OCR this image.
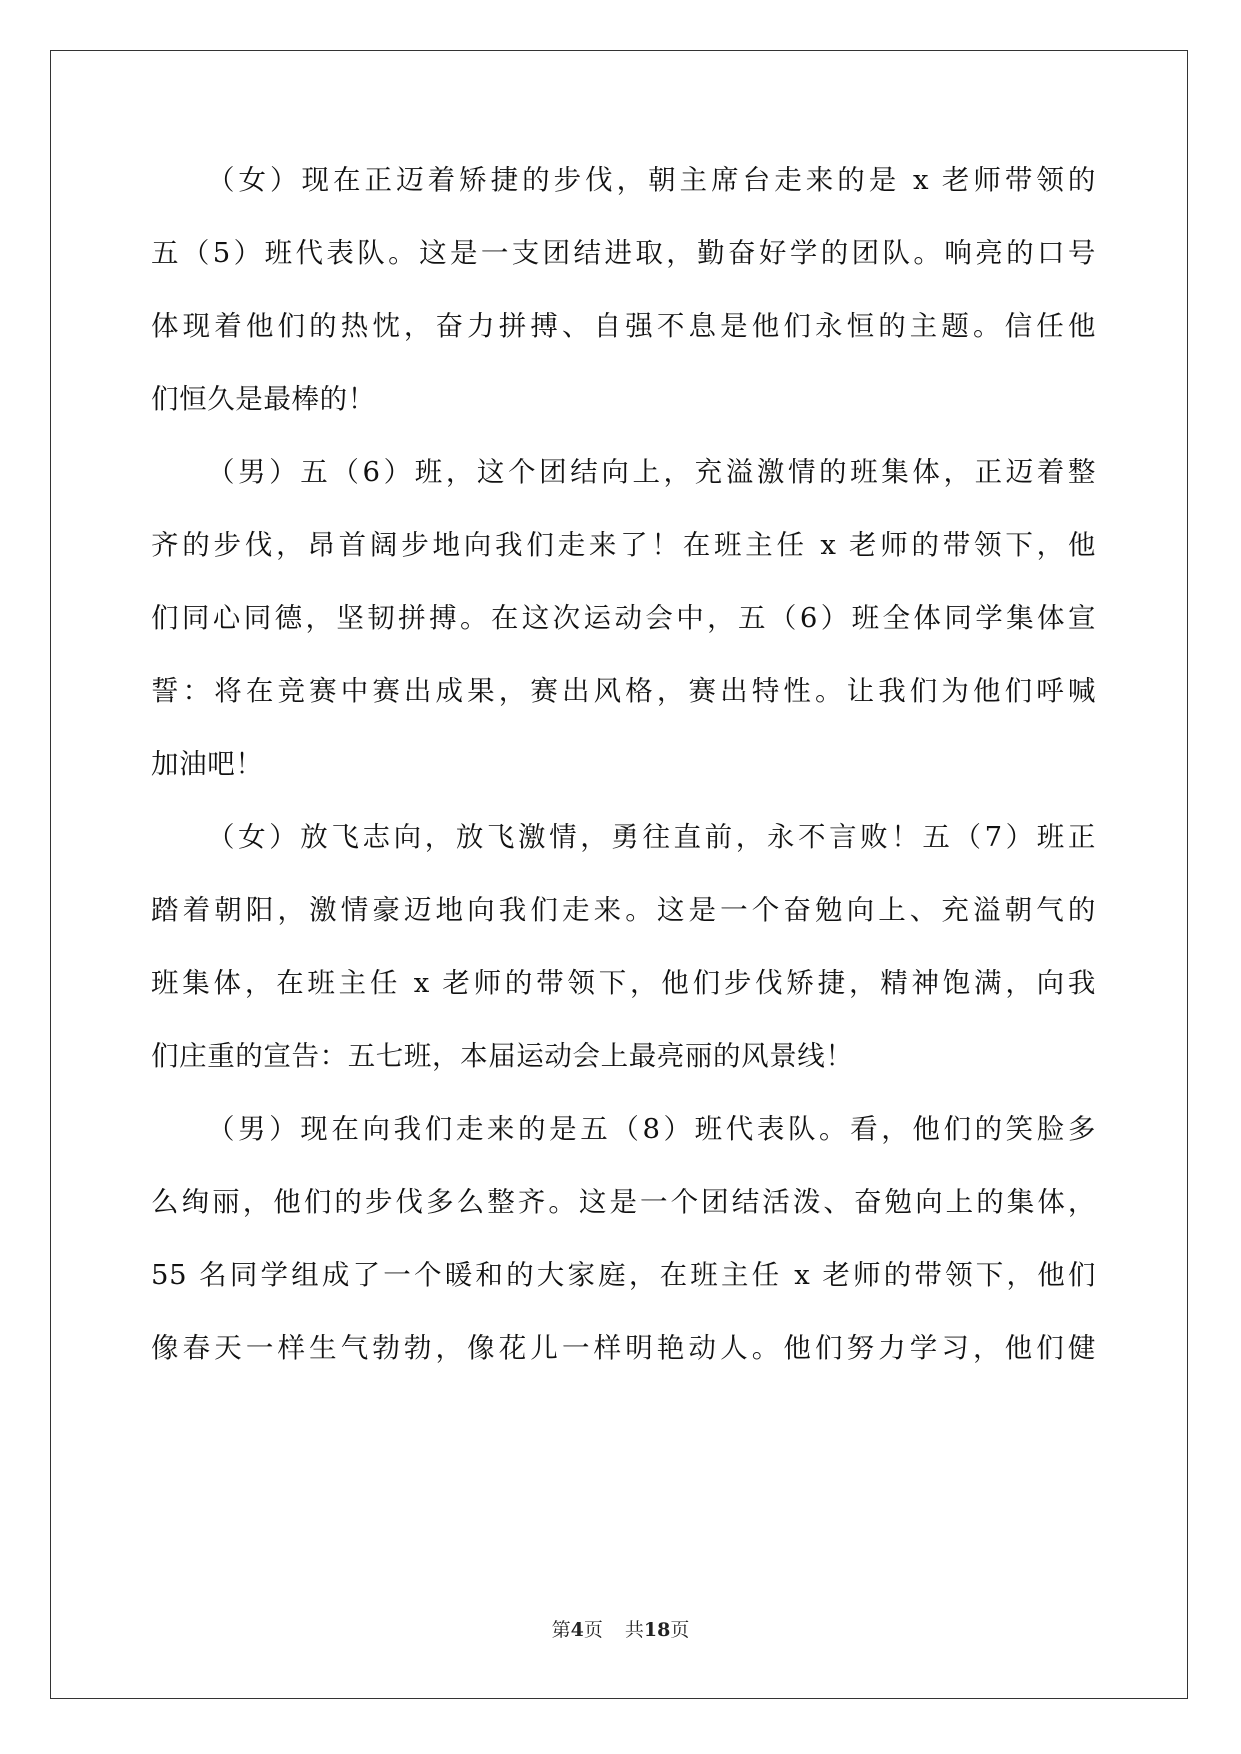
（女）现在正迈着矫捷的步伐，朝主席台走来的是 x 老师带领的
五（5）班代表队。这是一支团结进取，勤奋好学的团队。响亮的口号
体现着他们的热忱，奋力拼搏、自强不息是他们永恒的主题。信任他
们恒久是最棒的！
（男）五（6）班，这个团结向上，充溢激情的班集体，正迈着整
齐的步伐，昂首阔步地向我们走来了！在班主任 x 老师的带领下，他
们同心同德，坚韧拼搏。在这次运动会中，五（6）班全体同学集体宣
誓：将在竞赛中赛出成果，赛出风格，赛出特性。让我们为他们呼喊
加油吧！
（女）放飞志向，放飞激情，勇往直前，永不言败！五（7）班正
踏着朝阳，激情豪迈地向我们走来。这是一个奋勉向上、充溢朝气的
班集体，在班主任 x 老师的带领下，他们步伐矫捷，精神饱满，向我
们庄重的宣告：五七班，本届运动会上最亮丽的风景线！
（男）现在向我们走来的是五（8）班代表队。看，他们的笑脸多
么绚丽，他们的步伐多么整齐。这是一个团结活泼、奋勉向上的集体，
55 名同学组成了一个暖和的大家庭，在班主任 x 老师的带领下，他们
像春天一样生气勃勃，像花儿一样明艳动人。他们努力学习，他们健
第4页 共18页
